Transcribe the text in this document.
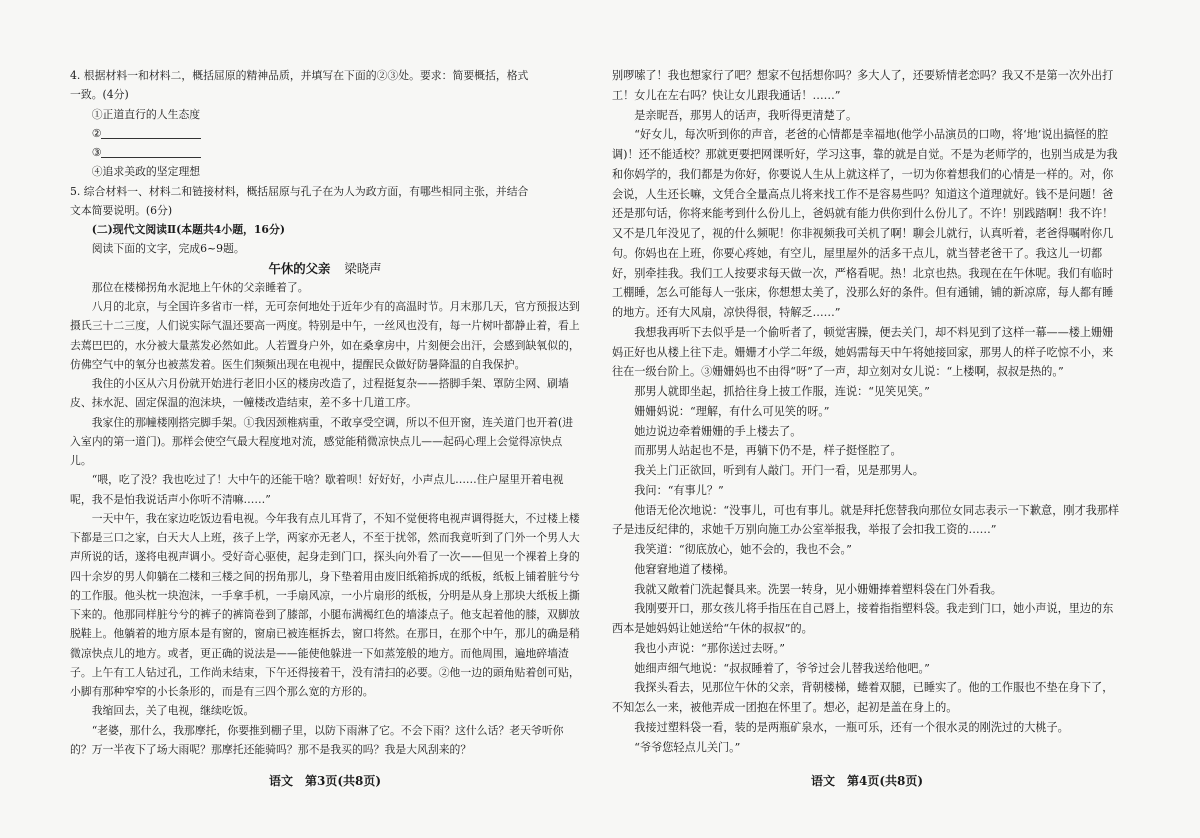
4. 根据材料一和材料二，概括屈原的精神品质，并填写在下面的②③处。要求：简要概括，格式

一致。(4分)

①正道直行的人生态度

②

③

④追求美政的坚定理想

5. 综合材料一、材料二和链接材料，概括屈原与孔子在为人为政方面，有哪些相同主张，并结合

文本简要说明。(6分)

(二)现代文阅读Ⅱ(本题共4小题，16分)

阅读下面的文字，完成6~9题。

午休的父亲 梁晓声

那位在楼梯拐角水泥地上午休的父亲睡着了。

八月的北京，与全国许多省市一样，无可奈何地处于近年少有的高温时节。月末那几天，官方预报达到摄氏三十二三度，人们说实际气温还要高一两度。特别是中午，一丝风也没有，每一片树叶都静止着，看上去蔫巴巴的，水分被大量蒸发必然如此。人若置身户外，如在桑拿房中，片刻便会出汗，会感到缺氧似的，仿佛空气中的氧分也被蒸发着。医生们频频出现在电视中，提醒民众做好防暑降温的自我保护。

我住的小区从六月份就开始进行老旧小区的楼房改造了，过程挺复杂——搭脚手架、罩防尘网、刷墙皮、抹水泥、固定保温的泡沫块，一幢楼改造结束，差不多十几道工序。

我家住的那幢楼刚搭完脚手架。①我因颈椎病重，不敢享受空调，所以不但开窗，连关道门也开着(进入室内的第一道门)。那样会使空气最大程度地对流，感觉能稍微凉快点儿——起码心理上会觉得凉快点儿。

“喂，吃了没？我也吃过了！大中午的还能干啥？歇着呗！好好好，小声点儿……住户屋里开着电视呢，我不是怕我说话声小你听不清嘛……”

一天中午，我在家边吃饭边看电视。今年我有点儿耳背了，不知不觉便将电视声调得挺大，不过楼上楼下都是三口之家，白天大人上班，孩子上学，两家亦无老人，不至于扰邻，然而我竟听到了门外一个男人大声所说的话，遂将电视声调小。受好奇心驱使，起身走到门口，探头向外看了一次——但见一个裸着上身的四十余岁的男人仰躺在二楼和三楼之间的拐角那儿，身下垫着用由废旧纸箱拆成的纸板，纸板上铺着脏兮兮的工作服。他头枕一块泡沫，一手拿手机，一手扇风凉，一小片扇形的纸板，分明是从身上那块大纸板上撕下来的。他那同样脏兮兮的裤子的裤筒卷到了膝部，小腿布满褐红色的墙漆点子。他支起着他的膝，双脚放脱鞋上。他躺着的地方原本是有窗的，窗扇已被连框拆去，窗口将然。在那日，在那个中午，那儿的确是稍微凉快点儿的地方。或者，更正确的说法是——能使他躲进一下如蒸笼般的地方。而他周围，遍地碎墙渣子。上午有工人钻过孔，工作尚未结束，下午还得接着干，没有清扫的必要。②他一边的頭角贴着创可贴，小脚有那种窄窄的小长条形的，而是有三四个那么宽的方形的。

我缩回去，关了电视，继续吃饭。

“老婆，那什么，我那摩托，你要推到棚子里，以防下雨淋了它。不会下雨？这什么话？老天爷听你的？万一半夜下了场大雨呢？那摩托还能骑吗？那不是我买的吗？我是大风刮来的？

语文　第3页(共8页)

别啰嗦了！我也想家行了吧？想家不包括想你吗？多大人了，还要矫情老恋吗？我又不是第一次外出打工！女儿在左右吗？快让女儿跟我通话！……”

是亲昵吾，那男人的话声，我听得更清楚了。

“好女儿，每次听到你的声音，老爸的心情都是幸福地(他学小品演员的口吻，将‘地’说出搞怪的腔调)！还不能适校？那就更要把网课听好，学习这事，靠的就是自觉。不是为老师学的，也别当成是为我和你妈学的，我们都是为你好，你要说人生从上就这样了，一切为你着想我们的心情是一样的。对，你会说，人生还长嘛，文凭合全量高点儿将来找工作不是容易些吗？知道这个道理就好。钱不是问题！爸还是那句话，你将来能考到什么份儿上，爸妈就有能力供你到什么份儿了。不许！别践踏啊！我不许！又不是几年没见了，视的什么频呢！你非视频我可关机了啊！聊会儿就行，认真听着，老爸得嘱咐你几句。你妈也在上班，你要心疼她，有空儿，屋里屋外的活多干点儿，就当替老爸干了。我这儿一切都好，别牵挂我。我们工人按要求每天做一次，严格看呢。热！北京也热。我现在在午休呢。我们有临时工棚睡，怎么可能每人一张床，你想想太美了，没那么好的条件。但有通铺，铺的新凉席，每人都有睡的地方。还有大风扇，凉快得很，特解乏……”

我想我再听下去似乎是一个偷听者了，顿觉害臊，便去关门，却不料见到了这样一幕——楼上姗姗妈正好也从楼上往下走。姗姗才小学二年级，她妈需每天中午将她接回家，那男人的样子吃惊不小，来往在一级台阶上。③姗姗妈也不由得“呀”了一声，却立刻对女儿说：“上楼啊，叔叔是热的。”

那男人就即坐起，抓拾往身上披工作服，连说：“见笑见笑。”

姗姗妈说：“理解，有什么可见笑的呀。”

她边说边牵着姗姗的手上楼去了。

而那男人站起也不是，再躺下仍不是，样子挺怪腔了。

我关上门正欲回，听到有人敲门。开门一看，见是那男人。

我问：“有事儿？”

他语无伦次地说：“没事儿，可也有事儿。就是拜托您替我向那位女同志表示一下歉意，刚才我那样子是违反纪律的，求她千万别向施工办公室举报我，举报了会扣我工资的……”

我笑道：“彻底放心，她不会的，我也不会。”

他窘窘地道了楼梯。

我就又敞着门洗起餐具来。洗罢一转身，见小姗姗捧着塑料袋在门外看我。

我刚要开口，那女孩儿将手指压在自己唇上，接着指指塑料袋。我走到门口，她小声说，里边的东西本是她妈妈让她送给“午休的叔叔”的。

我也小声说：“那你送过去呀。”

她细声细气地说：“叔叔睡着了，爷爷过会儿替我送给他吧。”

我探头看去，见那位午休的父亲，背朝楼梯，蜷着双腿，已睡实了。他的工作服也不垫在身下了，不知怎么一来，被他弄成一团抱在怀里了。想必，起初是盖在身上的。

我接过塑料袋一看，装的是两瓶矿泉水，一瓶可乐，还有一个很水灵的刚洗过的大桃子。

“爷爷您轻点儿关门。”

语文　第4页(共8页)
